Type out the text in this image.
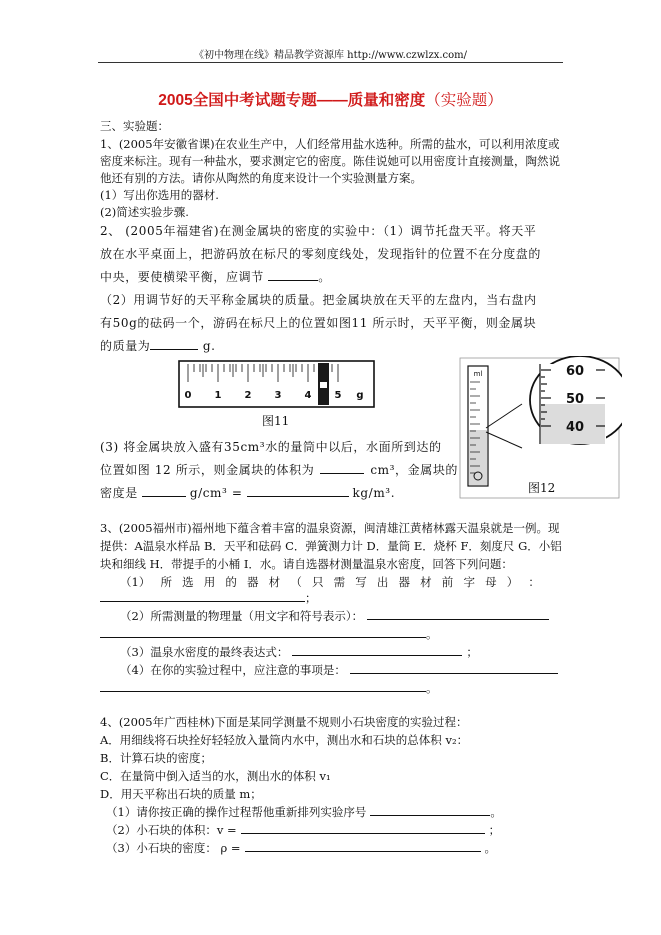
《初中物理在线》精品教学资源库 http://www.czwlzx.com/
2005全国中考试题专题——质量和密度（实验题）
三、实验题：
1、(2005年安徽省课)在农业生产中，人们经常用盐水选种。所需的盐水，可以利用浓度或
密度来标注。现有一种盐水，要求测定它的密度。陈佳说她可以用密度计直接测量，陶然说
他还有别的方法。请你从陶然的角度来设计一个实验测量方案。
(1）写出你选用的器材.
(2)简述实验步骤.
2、 (2005年福建省)在测金属块的密度的实验中：（1）调节托盘天平。将天平
放在水平桌面上，把游码放在标尺的零刻度线处，发现指针的位置不在分度盘的
中央，要使横梁平衡，应调节	。
（2）用调节好的天平称金属块的质量。把金属块放在天平的左盘内，当右盘内
有50g的砝码一个，游码在标尺上的位置如图11 所示时，天平平衡，则金属块
的质量为	g.
0 1 2 3 4 5 g
图11
ml	60
50
40
图12
(3) 将金属块放入盛有35cm³水的量筒中以后，水面所到达的
位置如图 12 所示，则金属块的体积为	cm³，金属块的
密度是	g/cm³ =	kg/m³.
3、(2005福州市)福州地下蕴含着丰富的温泉资源，闽清雄江黄楮林露天温泉就是一例。现
提供：A温泉水样品 B．天平和砝码 C．弹簧测力计 D．量筒 E．烧杯 F．刻度尺 G．小铝
块和细线 H．带提手的小桶 I．水。请自选器材测量温泉水密度，回答下列问题：
（1） 所 选 用 的 器 材 （ 只 需 写 出 器 材 前 字 母 ） ：
；
（2）所需测量的物理量（用文字和符号表示）：
。
（3）温泉水密度的最终表达式：	；
（4）在你的实验过程中，应注意的事项是：
。
4、(2005年广西桂林)下面是某同学测量不规则小石块密度的实验过程：
A．用细线将石块拴好轻轻放入量筒内水中，测出水和石块的总体积 v₂：
B．计算石块的密度；
C．在量筒中倒入适当的水，测出水的体积 v₁
D．用天平称出石块的质量 m；
（1）请你按正确的操作过程帮他重新排列实验序号	。
（2）小石块的体积：v =	；
（3）小石块的密度： ρ =	。
